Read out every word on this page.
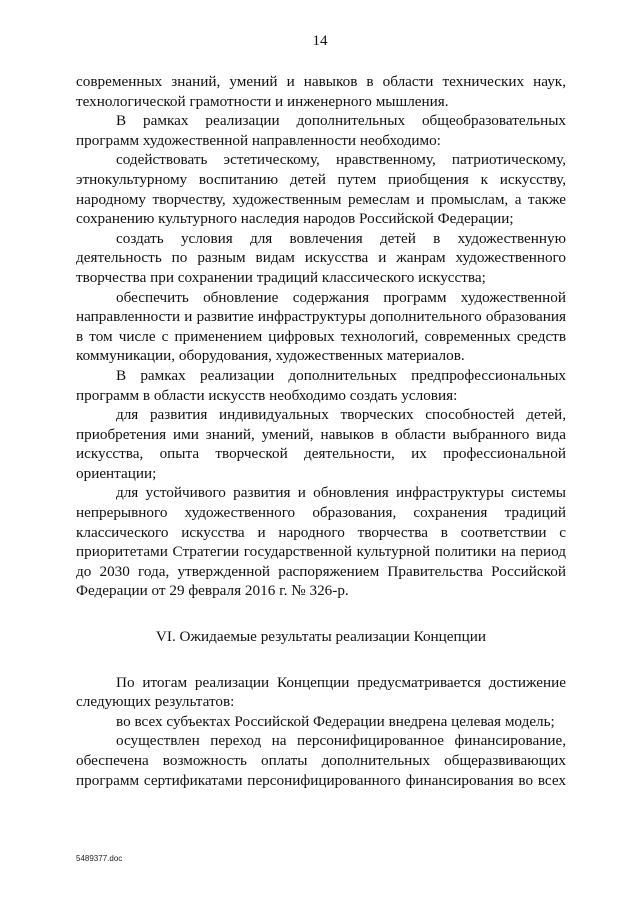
14

современных знаний, умений и навыков в области технических наук, технологической грамотности и инженерного мышления.

В рамках реализации дополнительных общеобразовательных программ художественной направленности необходимо:

содействовать эстетическому, нравственному, патриотическому, этнокультурному воспитанию детей путем приобщения к искусству, народному творчеству, художественным ремеслам и промыслам, а также сохранению культурного наследия народов Российской Федерации;

создать условия для вовлечения детей в художественную деятельность по разным видам искусства и жанрам художественного творчества при сохранении традиций классического искусства;

обеспечить обновление содержания программ художественной направленности и развитие инфраструктуры дополнительного образования в том числе с применением цифровых технологий, современных средств коммуникации, оборудования, художественных материалов.

В рамках реализации дополнительных предпрофессиональных программ в области искусств необходимо создать условия:

для развития индивидуальных творческих способностей детей, приобретения ими знаний, умений, навыков в области выбранного вида искусства, опыта творческой деятельности, их профессиональной ориентации;

для устойчивого развития и обновления инфраструктуры системы непрерывного художественного образования, сохранения традиций классического искусства и народного творчества в соответствии с приоритетами Стратегии государственной культурной политики на период до 2030 года, утвержденной распоряжением Правительства Российской Федерации от 29 февраля 2016 г. № 326-р.

VI. Ожидаемые результаты реализации Концепции

По итогам реализации Концепции предусматривается достижение следующих результатов:

во всех субъектах Российской Федерации внедрена целевая модель;

осуществлен переход на персонифицированное финансирование, обеспечена возможность оплаты дополнительных общеразвивающих программ сертификатами персонифицированного финансирования во всех

5489377.doc
